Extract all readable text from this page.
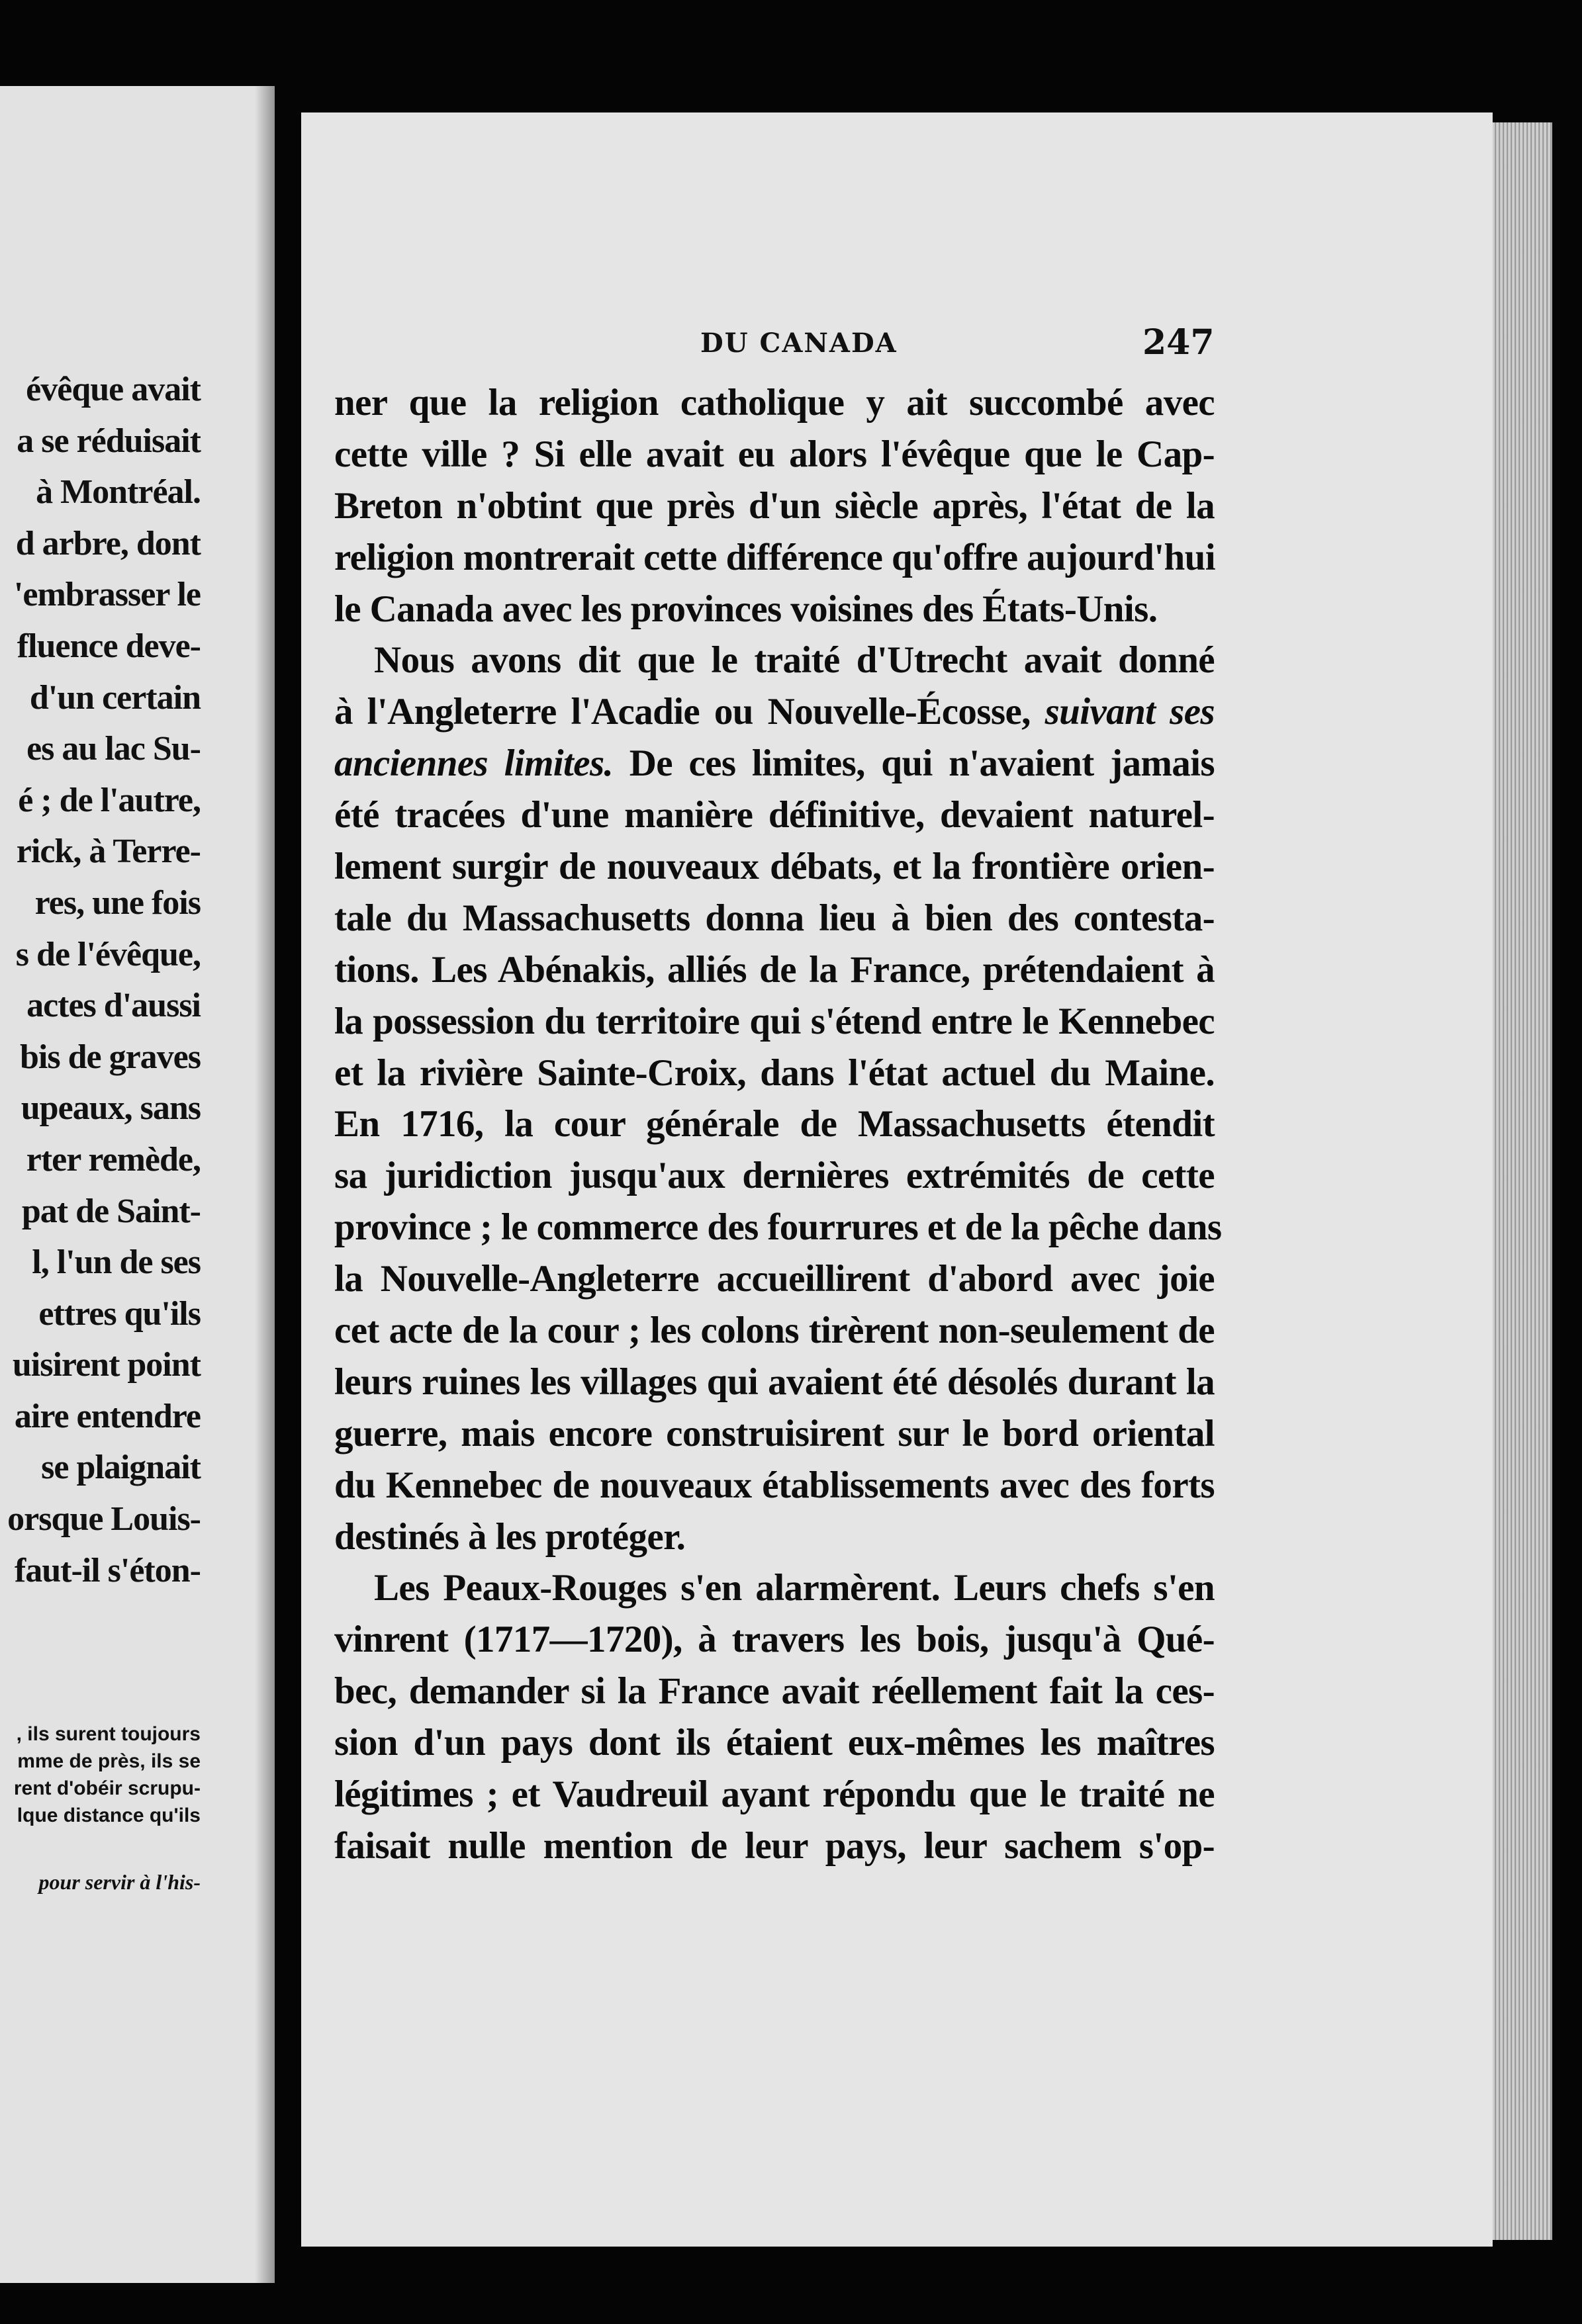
évêque avait
a se réduisait
à Montréal.
d arbre, dont
'embrasser le
fluence deve-
d'un certain
es au lac Su-
é ; de l'autre,
rick, à Terre-
res, une fois
s de l'évêque,
actes d'aussi
bis de graves
upeaux, sans
rter remède,
pat de Saint-
l, l'un de ses
ettres qu'ils
uisirent point
aire entendre
se plaignait
orsque Louis-
faut-il s'éton-
, ils surent toujours
mme de près, ils se
rent d'obéir scrupu-
lque distance qu'ils
pour servir à l'his-
DU CANADA	247
ner que la religion catholique y ait succombé avec
cette ville ? Si elle avait eu alors l'évêque que le Cap-
Breton n'obtint que près d'un siècle après, l'état de la
religion montrerait cette différence qu'offre aujourd'hui
le Canada avec les provinces voisines des États-Unis.
Nous avons dit que le traité d'Utrecht avait donné
à l'Angleterre l'Acadie ou Nouvelle-Écosse, suivant ses
anciennes limites. De ces limites, qui n'avaient jamais
été tracées d'une manière définitive, devaient naturel-
lement surgir de nouveaux débats, et la frontière orien-
tale du Massachusetts donna lieu à bien des contesta-
tions. Les Abénakis, alliés de la France, prétendaient à
la possession du territoire qui s'étend entre le Kennebec
et la rivière Sainte-Croix, dans l'état actuel du Maine.
En 1716, la cour générale de Massachusetts étendit
sa juridiction jusqu'aux dernières extrémités de cette
province ; le commerce des fourrures et de la pêche dans
la Nouvelle-Angleterre accueillirent d'abord avec joie
cet acte de la cour ; les colons tirèrent non-seulement de
leurs ruines les villages qui avaient été désolés durant la
guerre, mais encore construisirent sur le bord oriental
du Kennebec de nouveaux établissements avec des forts
destinés à les protéger.
Les Peaux-Rouges s'en alarmèrent. Leurs chefs s'en
vinrent (1717—1720), à travers les bois, jusqu'à Qué-
bec, demander si la France avait réellement fait la ces-
sion d'un pays dont ils étaient eux-mêmes les maîtres
légitimes ; et Vaudreuil ayant répondu que le traité ne
faisait nulle mention de leur pays, leur sachem s'op-
